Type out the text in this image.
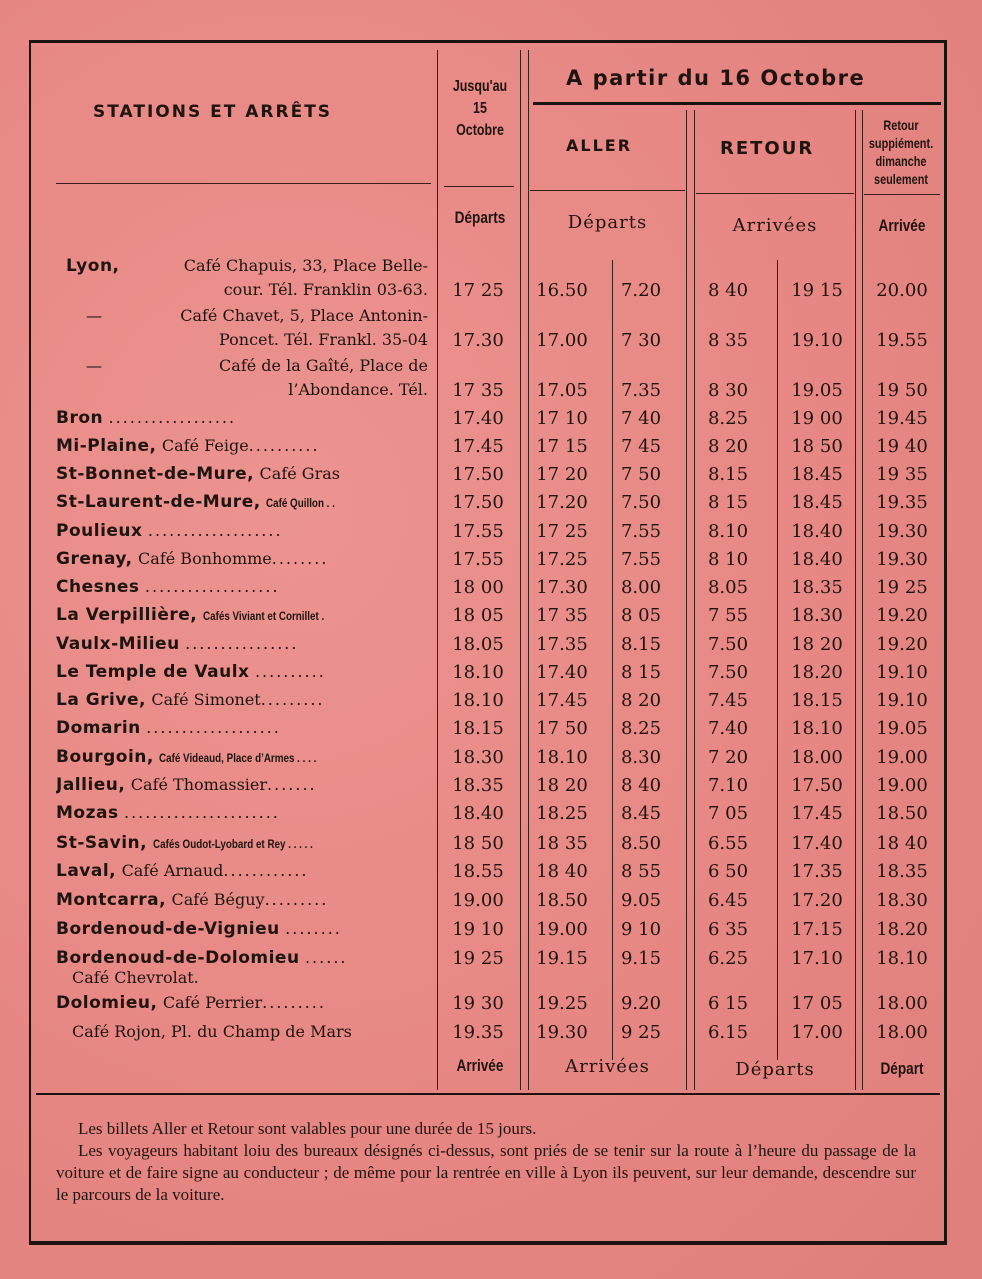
STATIONS ET ARRÊTS
Jusqu'au
15
Octobre
A partir du 16 Octobre
ALLER	RETOUR
Retour
suppiément.
dimanche
seulement
Départs	Départs	Arrivées	Arrivée
Lyon,	Café Chapuis, 33, Place Belle-
cour. Tél. Franklin 03-63.	17 25	16.50	7.20	8 40	19 15	20.00
—	Café Chavet, 5, Place Antonin-
Poncet. Tél. Frankl. 35-04	17.30	17.00	7 30	8 35	19.10	19.55
—	Café de la Gaîté, Place de
l’Abondance. Tél.	17 35	17.05	7.35	8 30	19.05	19 50
Bron ..................	17.40	17 10	7 40	8.25	19 00	19.45
Mi-Plaine, Café Feige..........	17.45	17 15	7 45	8 20	18 50	19 40
St-Bonnet-de-Mure, Café Gras	17.50	17 20	7 50	8.15	18.45	19 35
St-Laurent-de-Mure, Café Quillon . .	17.50	17.20	7.50	8 15	18.45	19.35
Poulieux ...................	17.55	17 25	7.55	8.10	18.40	19.30
Grenay, Café Bonhomme........	17.55	17.25	7.55	8 10	18.40	19.30
Chesnes ...................	18 00	17.30	8.00	8.05	18.35	19 25
La Verpillière, Cafés Viviant et Cornillet .	18 05	17 35	8 05	7 55	18.30	19.20
Vaulx-Milieu ................	18.05	17.35	8.15	7.50	18 20	19.20
Le Temple de Vaulx ..........	18.10	17.40	8 15	7.50	18.20	19.10
La Grive, Café Simonet.........	18.10	17.45	8 20	7.45	18.15	19.10
Domarin ...................	18.15	17 50	8.25	7.40	18.10	19.05
Bourgoin, Café Videaud, Place d’Armes . . . .	18.30	18.10	8.30	7 20	18.00	19.00
Jallieu, Café Thomassier.......	18.35	18 20	8 40	7.10	17.50	19.00
Mozas ......................	18.40	18.25	8.45	7 05	17.45	18.50
St-Savin, Cafés Oudot-Lyobard et Rey . . . . .	18 50	18 35	8.50	6.55	17.40	18 40
Laval, Café Arnaud............	18.55	18 40	8 55	6 50	17.35	18.35
Montcarra, Café Béguy.........	19.00	18.50	9.05	6.45	17.20	18.30
Bordenoud-de-Vignieu ........	19 10	19.00	9 10	6 35	17.15	18.20
Bordenoud-de-Dolomieu ......
Café Chevrolat.
19 25	19.15	9.15	6.25	17.10	18.10
Dolomieu, Café Perrier.........	19 30	19.25	9.20	6 15	17 05	18.00
Café Rojon, Pl. du Champ de Mars	19.35	19.30	9 25	6.15	17.00	18.00
Arrivée	Arrivées	Départs	Départ

Les billets Aller et Retour sont valables pour une durée de 15 jours.

Les voyageurs habitant loiu des bureaux désignés ci-dessus, sont priés de se tenir sur la route à l’heure du passage de la voiture et de faire signe au conducteur ; de même pour la rentrée en ville à Lyon ils peuvent, sur leur demande, descendre sur le parcours de la voiture.
